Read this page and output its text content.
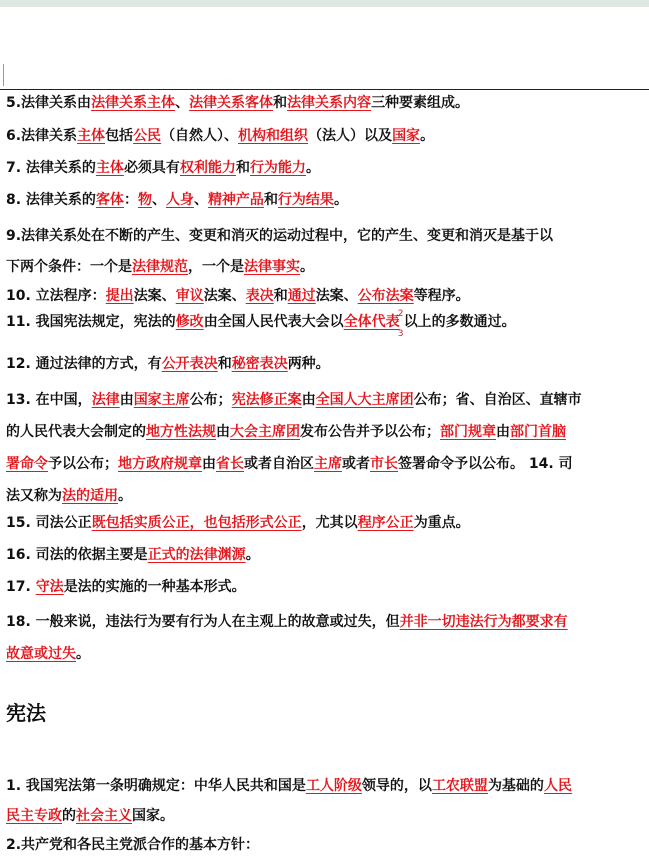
5.法律关系由法律关系主体、法律关系客体和法律关系内容三种要素组成。
6.法律关系主体包括公民（自然人）、机构和组织（法人）以及国家。
7. 法律关系的主体必须具有权利能力和行为能力。
8. 法律关系的客体：物、人身、精神产品和行为结果。
9.法律关系处在不断的产生、变更和消灭的运动过程中，它的产生、变更和消灭是基于以
下两个条件：一个是法律规范，一个是法律事实。
10. 立法程序：提出法案、审议法案、表决和通过法案、公布法案等程序。
11. 我国宪法规定，宪法的修改由全国人民代表大会以全体代表
2
3
以上的多数通过。
12. 通过法律的方式，有公开表决和秘密表决两种。
13. 在中国，法律由国家主席公布；宪法修正案由全国人大主席团公布；省、自治区、直辖市
的人民代表大会制定的地方性法规由大会主席团发布公告并予以公布；部门规章由部门首脑
署命令予以公布；地方政府规章由省长或者自治区主席或者市长签署命令予以公布。 14. 司
法又称为法的适用。
15. 司法公正既包括实质公正，也包括形式公正，尤其以程序公正为重点。
16. 司法的依据主要是正式的法律渊源。
17. 守法是法的实施的一种基本形式。
18. 一般来说，违法行为要有行为人在主观上的故意或过失，但并非一切违法行为都要求有
故意或过失。
宪法
1. 我国宪法第一条明确规定：中华人民共和国是工人阶级领导的，以工农联盟为基础的人民
民主专政的社会主义国家。
2.共产党和各民主党派合作的基本方针：
